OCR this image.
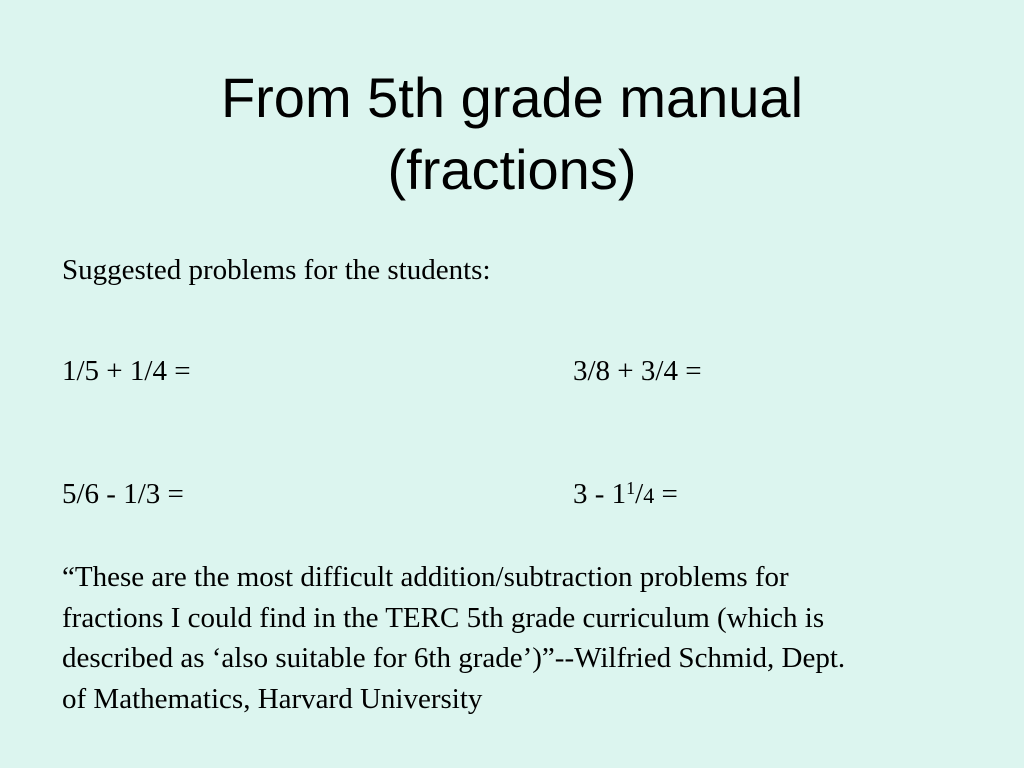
From 5th grade manual
(fractions)
Suggested problems for the students:
1/5 + 1/4 =	3/8 + 3/4 =
5/6 - 1/3 =	$3 - 1^1/4$ =
“These are the most difficult addition/subtraction problems for
fractions I could find in the TERC 5th grade curriculum (which is
described as ‘also suitable for 6th grade’)”--Wilfried Schmid, Dept.
of Mathematics, Harvard University
